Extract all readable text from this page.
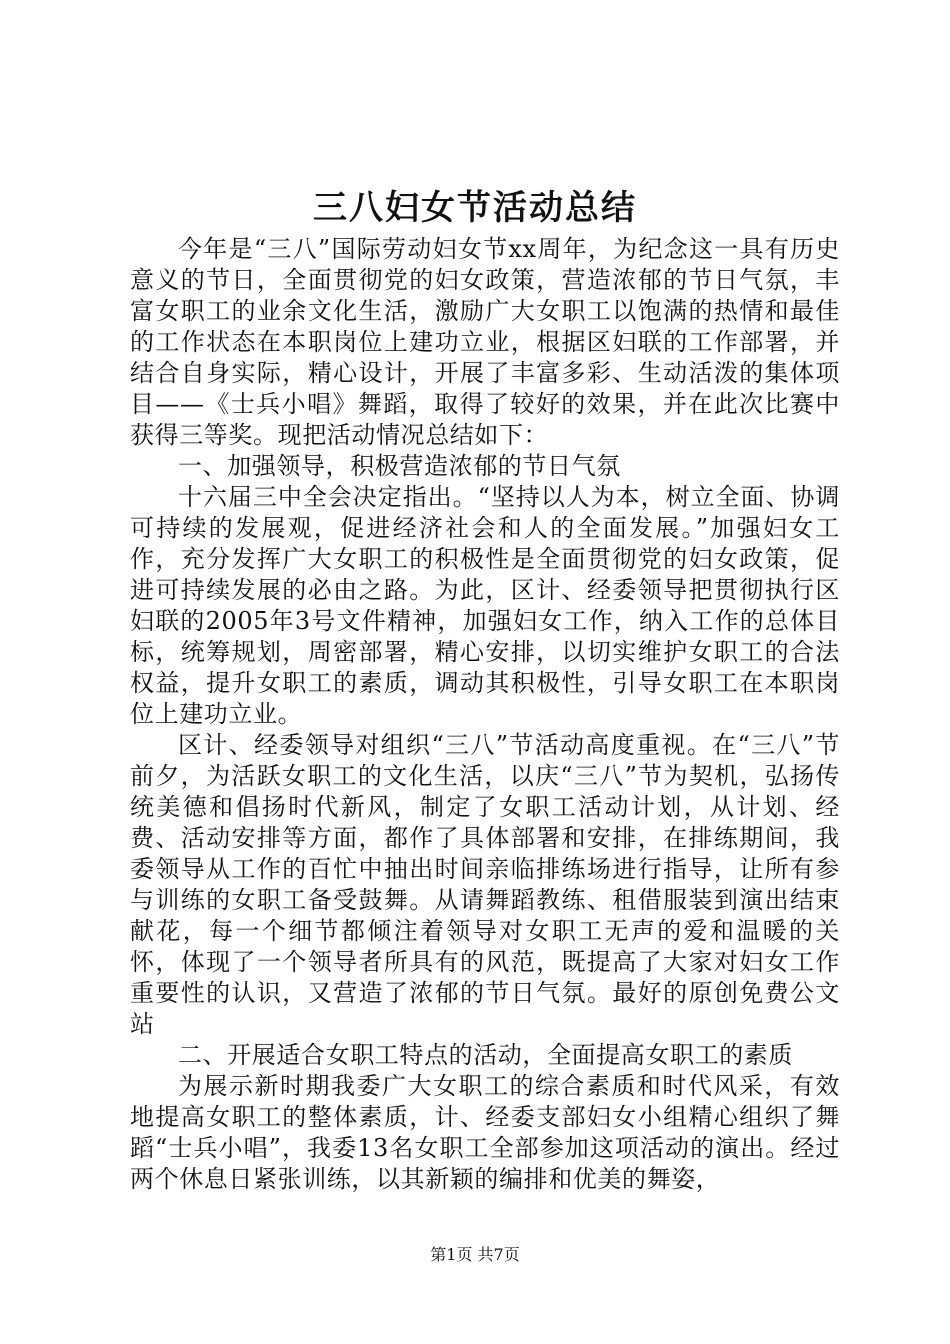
三八妇女节活动总结

今年是“三八”国际劳动妇女节xx周年，为纪念这一具有历史意义的节日，全面贯彻党的妇女政策，营造浓郁的节日气氛，丰富女职工的业余文化生活，激励广大女职工以饱满的热情和最佳的工作状态在本职岗位上建功立业，根据区妇联的工作部署，并结合自身实际，精心设计，开展了丰富多彩、生动活泼的集体项目——《士兵小唱》舞蹈，取得了较好的效果，并在此次比赛中获得三等奖。现把活动情况总结如下：

一、加强领导，积极营造浓郁的节日气氛

十六届三中全会决定指出。“坚持以人为本，树立全面、协调可持续的发展观，促进经济社会和人的全面发展。”加强妇女工作，充分发挥广大女职工的积极性是全面贯彻党的妇女政策，促进可持续发展的必由之路。为此，区计、经委领导把贯彻执行区妇联的2005年3号文件精神，加强妇女工作，纳入工作的总体目标，统筹规划，周密部署，精心安排，以切实维护女职工的合法权益，提升女职工的素质，调动其积极性，引导女职工在本职岗位上建功立业。

区计、经委领导对组织“三八”节活动高度重视。在“三八”节前夕，为活跃女职工的文化生活，以庆“三八”节为契机，弘扬传统美德和倡扬时代新风，制定了女职工活动计划，从计划、经费、活动安排等方面，都作了具体部署和安排，在排练期间，我委领导从工作的百忙中抽出时间亲临排练场进行指导，让所有参与训练的女职工备受鼓舞。从请舞蹈教练、租借服装到演出结束献花，每一个细节都倾注着领导对女职工无声的爱和温暖的关怀，体现了一个领导者所具有的风范，既提高了大家对妇女工作重要性的认识，又营造了浓郁的节日气氛。最好的原创免费公文站

二、开展适合女职工特点的活动，全面提高女职工的素质

为展示新时期我委广大女职工的综合素质和时代风采，有效地提高女职工的整体素质，计、经委支部妇女小组精心组织了舞蹈“士兵小唱”，我委13名女职工全部参加这项活动的演出。经过两个休息日紧张训练，以其新颖的编排和优美的舞姿，

第1页 共7页
